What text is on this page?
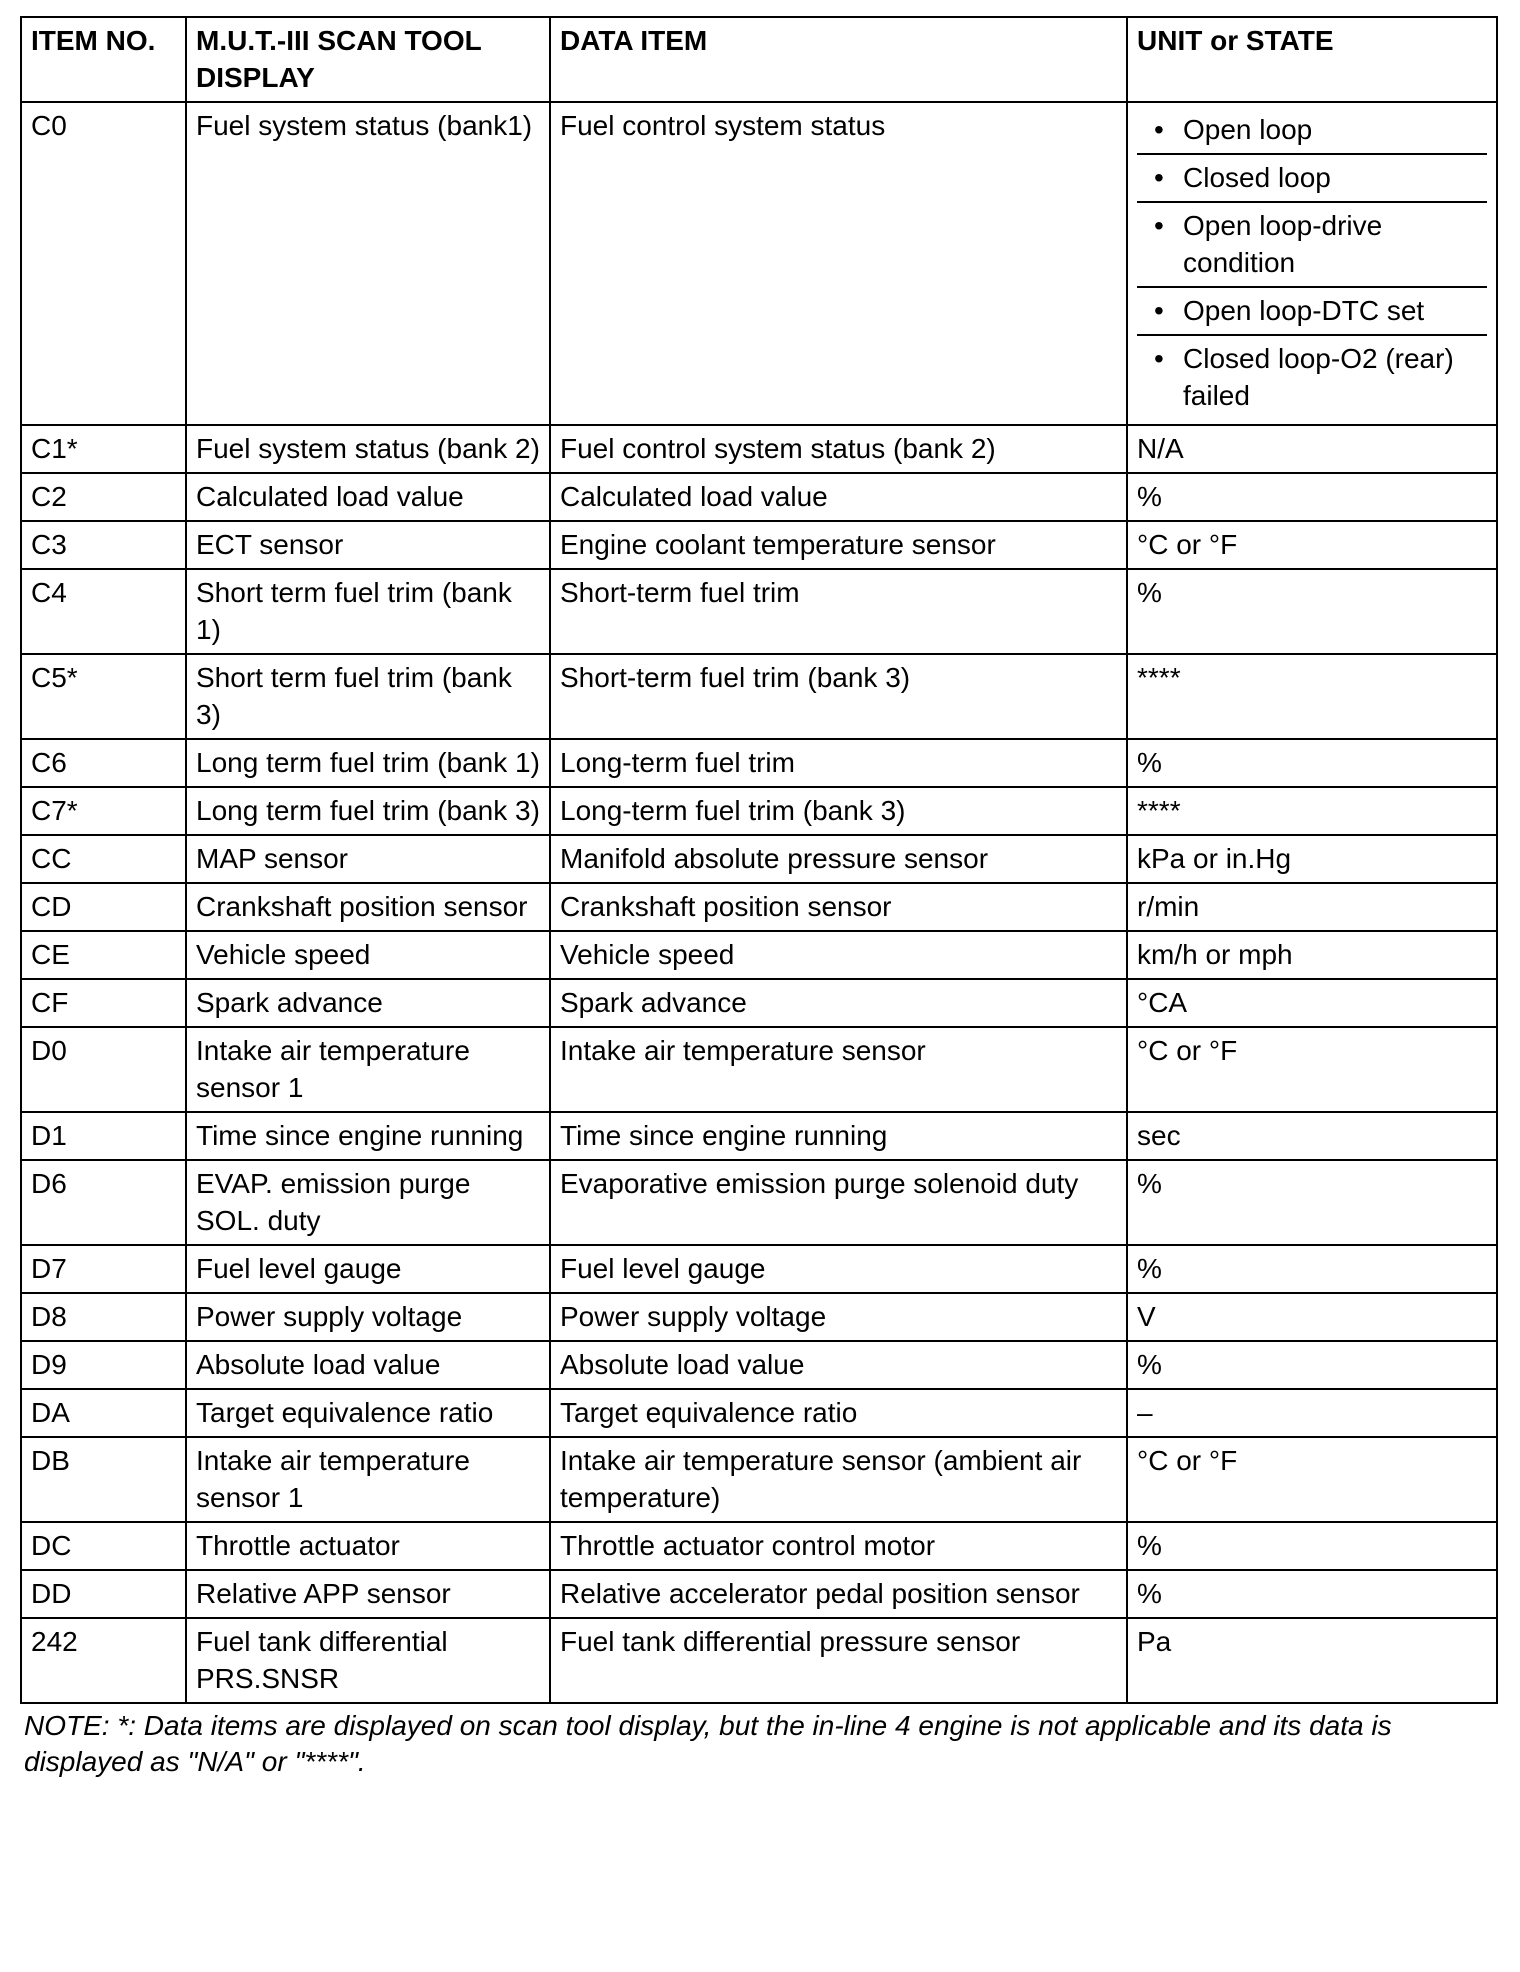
ITEM NO.	M.U.T.-III SCAN TOOL DISPLAY	DATA ITEM	UNIT or STATE
C0	Fuel system status (bank1)	Fuel control system status	• Open loop
• Closed loop
• Open loop-drive condition
• Open loop-DTC set
• Closed loop-O2 (rear) failed

C1*	Fuel system status (bank 2)	Fuel control system status (bank 2)	N/A
C2	Calculated load value	Calculated load value	%
C3	ECT sensor	Engine coolant temperature sensor	°C or °F
C4	Short term fuel trim (bank 1)	Short-term fuel trim	%
C5*	Short term fuel trim (bank 3)	Short-term fuel trim (bank 3)	****
C6	Long term fuel trim (bank 1)	Long-term fuel trim	%
C7*	Long term fuel trim (bank 3)	Long-term fuel trim (bank 3)	****
CC	MAP sensor	Manifold absolute pressure sensor	kPa or in.Hg
CD	Crankshaft position sensor	Crankshaft position sensor	r/min
CE	Vehicle speed	Vehicle speed	km/h or mph
CF	Spark advance	Spark advance	°CA
D0	Intake air temperature sensor 1	Intake air temperature sensor	°C or °F
D1	Time since engine running	Time since engine running	sec
D6	EVAP. emission purge SOL. duty	Evaporative emission purge solenoid duty	%
D7	Fuel level gauge	Fuel level gauge	%
D8	Power supply voltage	Power supply voltage	V
D9	Absolute load value	Absolute load value	%
DA	Target equivalence ratio	Target equivalence ratio	–
DB	Intake air temperature sensor 1	Intake air temperature sensor (ambient air temperature)	°C or °F
DC	Throttle actuator	Throttle actuator control motor	%
DD	Relative APP sensor	Relative accelerator pedal position sensor	%
242	Fuel tank differential PRS.SNSR	Fuel tank differential pressure sensor	Pa
NOTE: *: Data items are displayed on scan tool display, but the in-line 4 engine is not applicable and its data is displayed as "N/A" or "****".
